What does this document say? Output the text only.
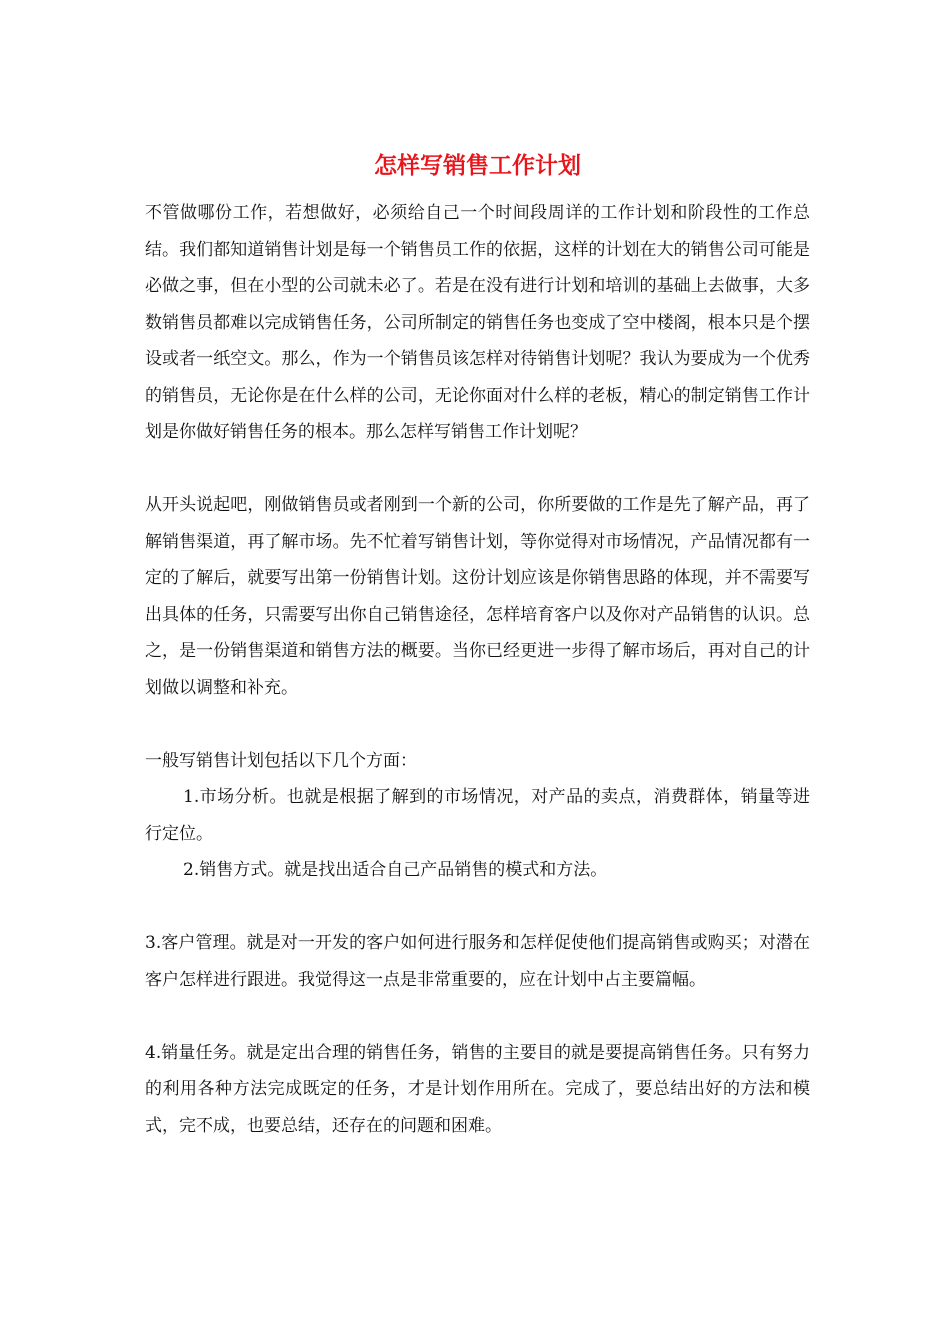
怎样写销售工作计划

不管做哪份工作，若想做好，必须给自己一个时间段周详的工作计划和阶段性的工作总结。我们都知道销售计划是每一个销售员工作的依据，这样的计划在大的销售公司可能是必做之事，但在小型的公司就未必了。若是在没有进行计划和培训的基础上去做事，大多数销售员都难以完成销售任务，公司所制定的销售任务也变成了空中楼阁，根本只是个摆设或者一纸空文。那么，作为一个销售员该怎样对待销售计划呢？我认为要成为一个优秀的销售员，无论你是在什么样的公司，无论你面对什么样的老板，精心的制定销售工作计划是你做好销售任务的根本。那么怎样写销售工作计划呢？

从开头说起吧，刚做销售员或者刚到一个新的公司，你所要做的工作是先了解产品，再了解销售渠道，再了解市场。先不忙着写销售计划，等你觉得对市场情况，产品情况都有一定的了解后，就要写出第一份销售计划。这份计划应该是你销售思路的体现，并不需要写出具体的任务，只需要写出你自己销售途径，怎样培育客户以及你对产品销售的认识。总之，是一份销售渠道和销售方法的概要。当你已经更进一步得了解市场后，再对自己的计划做以调整和补充。

一般写销售计划包括以下几个方面：

1.市场分析。也就是根据了解到的市场情况，对产品的卖点，消费群体，销量等进行定位。

2.销售方式。就是找出适合自己产品销售的模式和方法。

3.客户管理。就是对一开发的客户如何进行服务和怎样促使他们提高销售或购买；对潜在客户怎样进行跟进。我觉得这一点是非常重要的，应在计划中占主要篇幅。

4.销量任务。就是定出合理的销售任务，销售的主要目的就是要提高销售任务。只有努力的利用各种方法完成既定的任务，才是计划作用所在。完成了，要总结出好的方法和模式，完不成，也要总结，还存在的问题和困难。
